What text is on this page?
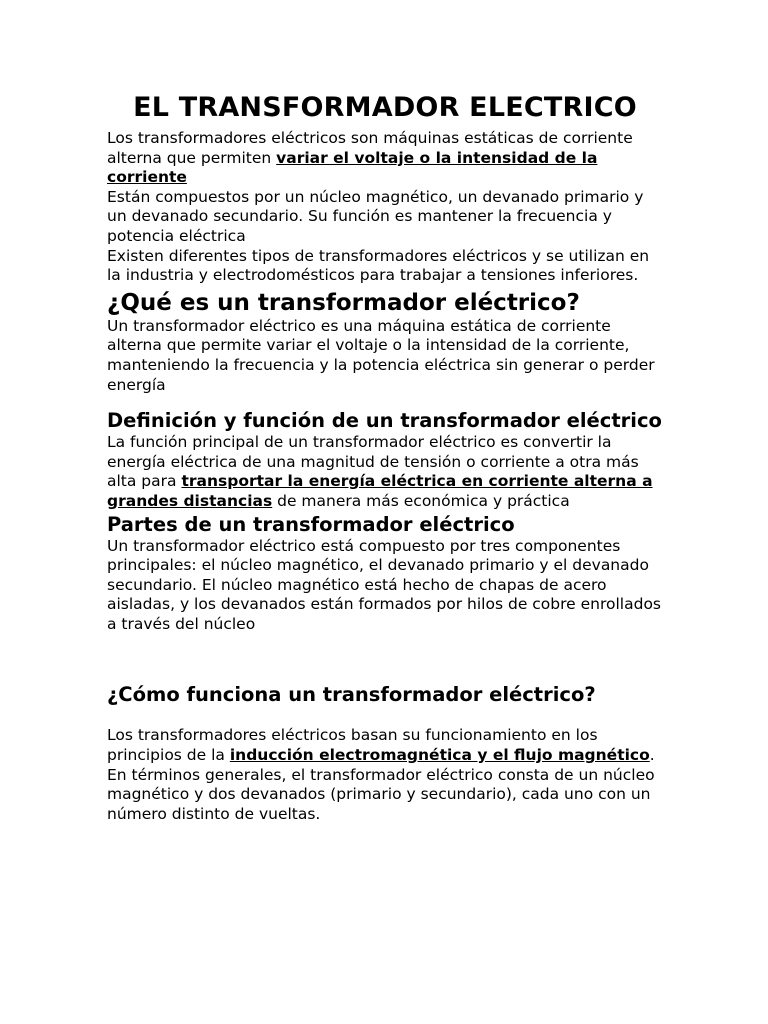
EL TRANSFORMADOR ELECTRICO

Los transformadores eléctricos son máquinas estáticas de corriente alterna que permiten variar el voltaje o la intensidad de la corriente

Están compuestos por un núcleo magnético, un devanado primario y un devanado secundario. Su función es mantener la frecuencia y potencia eléctrica

Existen diferentes tipos de transformadores eléctricos y se utilizan en la industria y electrodomésticos para trabajar a tensiones inferiores.

¿Qué es un transformador eléctrico?

Un transformador eléctrico es una máquina estática de corriente alterna que permite variar el voltaje o la intensidad de la corriente, manteniendo la frecuencia y la potencia eléctrica sin generar o perder energía

Definición y función de un transformador eléctrico

La función principal de un transformador eléctrico es convertir la energía eléctrica de una magnitud de tensión o corriente a otra más alta para transportar la energía eléctrica en corriente alterna a grandes distancias de manera más económica y práctica

Partes de un transformador eléctrico

Un transformador eléctrico está compuesto por tres componentes principales: el núcleo magnético, el devanado primario y el devanado secundario. El núcleo magnético está hecho de chapas de acero aisladas, y los devanados están formados por hilos de cobre enrollados a través del núcleo

¿Cómo funciona un transformador eléctrico?

Los transformadores eléctricos basan su funcionamiento en los principios de la inducción electromagnética y el flujo magnético.

En términos generales, el transformador eléctrico consta de un núcleo magnético y dos devanados (primario y secundario), cada uno con un número distinto de vueltas.
